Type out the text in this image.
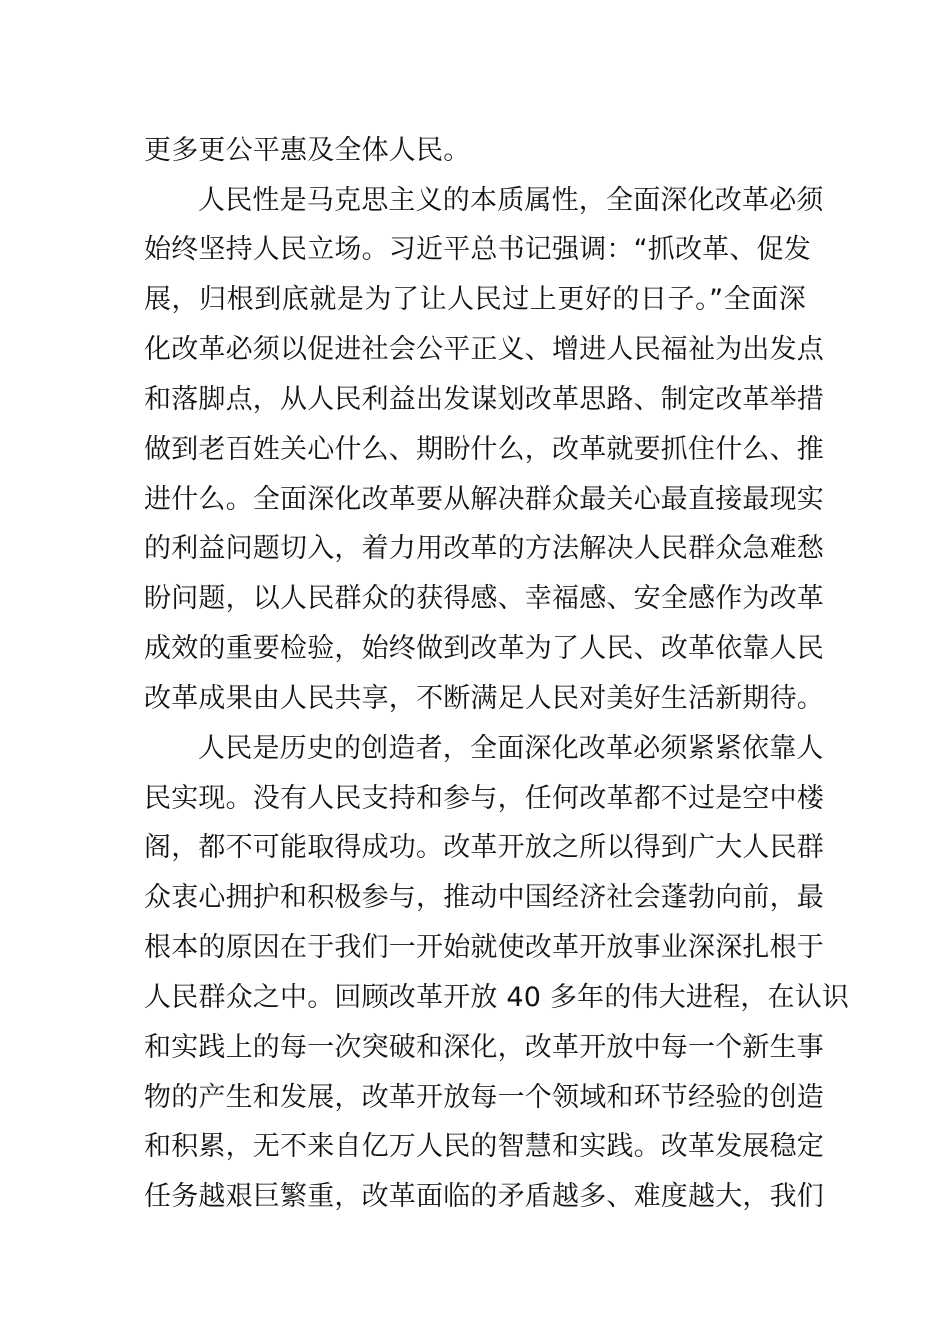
更多更公平惠及全体人民。
人民性是马克思主义的本质属性，全面深化改革必须
始终坚持人民立场。习近平总书记强调：“抓改革、促发
展，归根到底就是为了让人民过上更好的日子。”全面深
化改革必须以促进社会公平正义、增进人民福祉为出发点
和落脚点，从人民利益出发谋划改革思路、制定改革举措
做到老百姓关心什么、期盼什么，改革就要抓住什么、推
进什么。全面深化改革要从解决群众最关心最直接最现实
的利益问题切入，着力用改革的方法解决人民群众急难愁
盼问题，以人民群众的获得感、幸福感、安全感作为改革
成效的重要检验，始终做到改革为了人民、改革依靠人民
改革成果由人民共享，不断满足人民对美好生活新期待。
人民是历史的创造者，全面深化改革必须紧紧依靠人
民实现。没有人民支持和参与，任何改革都不过是空中楼
阁，都不可能取得成功。改革开放之所以得到广大人民群
众衷心拥护和积极参与，推动中国经济社会蓬勃向前，最
根本的原因在于我们一开始就使改革开放事业深深扎根于
人民群众之中。回顾改革开放 40 多年的伟大进程，在认识
和实践上的每一次突破和深化，改革开放中每一个新生事
物的产生和发展，改革开放每一个领域和环节经验的创造
和积累，无不来自亿万人民的智慧和实践。改革发展稳定
任务越艰巨繁重，改革面临的矛盾越多、难度越大，我们
